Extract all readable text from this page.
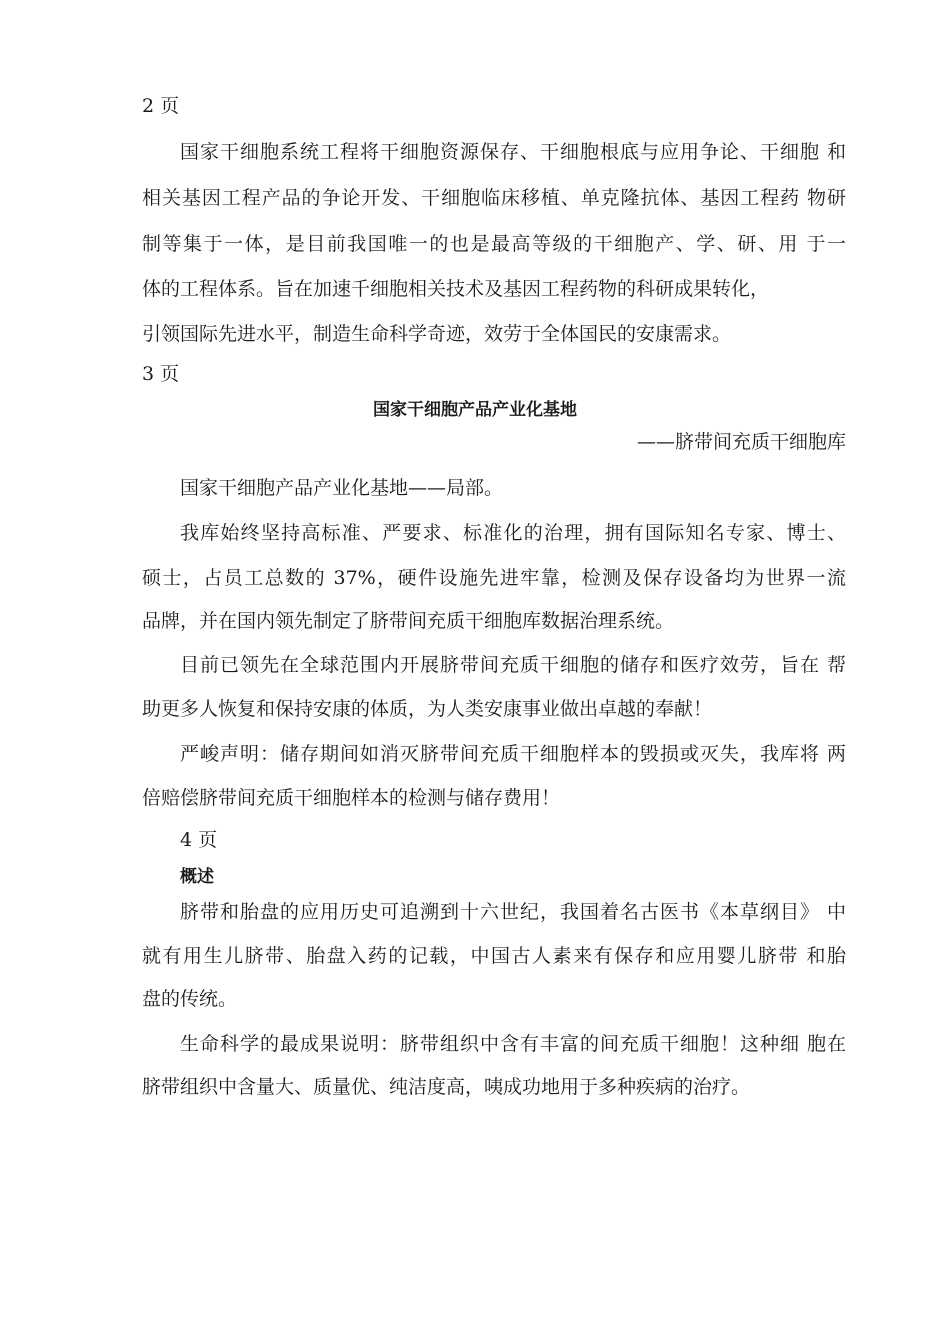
2 页
国家干细胞系统工程将干细胞资源保存、干细胞根底与应用争论、干细胞 和
相关基因工程产品的争论开发、干细胞临床移植、单克隆抗体、基因工程药 物研
制等集于一体，是目前我国唯一的也是最高等级的干细胞产、学、研、用 于一
体的工程体系。旨在加速千细胞相关技术及基因工程药物的科研成果转化，
引领国际先进水平，制造生命科学奇迹，效劳于全体国民的安康需求。
3 页
国家干细胞产品产业化基地
——脐带间充质干细胞库
国家干细胞产品产业化基地——局部。
我库始终坚持高标准、严要求、标准化的治理，拥有国际知名专家、博士、
硕士，占员工总数的 37%，硬件设施先进牢靠，检测及保存设备均为世界一流
品牌，并在国内领先制定了脐带间充质干细胞库数据治理系统。
目前已领先在全球范围内开展脐带间充质干细胞的储存和医疗效劳，旨在 帮
助更多人恢复和保持安康的体质，为人类安康事业做出卓越的奉献！
严峻声明：储存期间如消灭脐带间充质干细胞样本的毁损或灭失，我库将 两
倍赔偿脐带间充质干细胞样本的检测与储存费用！
4 页
概述
脐带和胎盘的应用历史可追溯到十六世纪，我国着名古医书《本草纲目》 中
就有用生儿脐带、胎盘入药的记载，中国古人素来有保存和应用婴儿脐带 和胎
盘的传统。
生命科学的最成果说明：脐带组织中含有丰富的间充质干细胞！这种细 胞在
脐带组织中含量大、质量优、纯洁度高，咦成功地用于多种疾病的治疗。
